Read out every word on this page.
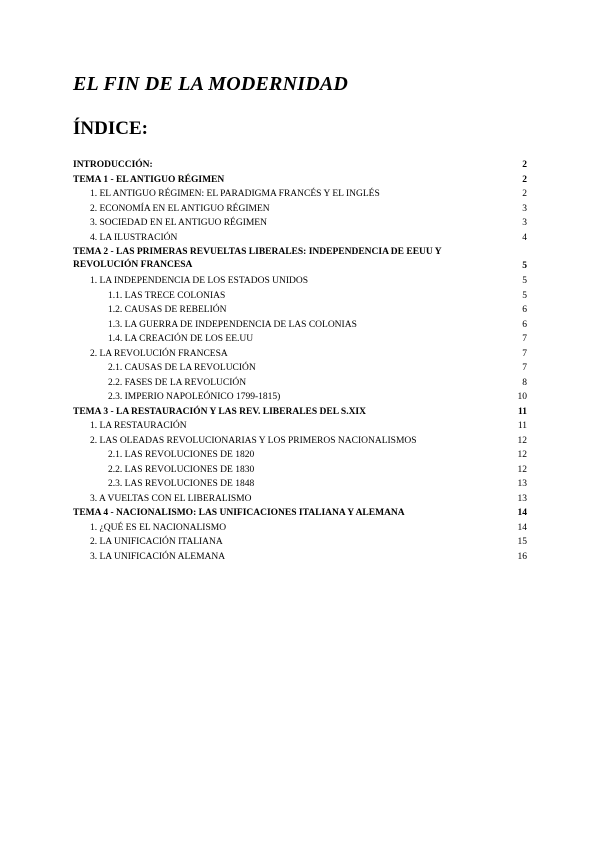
EL FIN DE LA MODERNIDAD
ÍNDICE:
INTRODUCCIÓN:	2
TEMA 1 - EL ANTIGUO RÉGIMEN	2
1. EL ANTIGUO RÉGIMEN: EL PARADIGMA FRANCÉS Y EL INGLÉS	2
2. ECONOMÍA EN EL ANTIGUO RÉGIMEN	3
3. SOCIEDAD EN EL ANTIGUO RÉGIMEN	3
4. LA ILUSTRACIÓN	4
TEMA 2 - LAS PRIMERAS REVUELTAS LIBERALES: INDEPENDENCIA DE EEUU Y REVOLUCIÓN FRANCESA	5
1. LA INDEPENDENCIA DE LOS ESTADOS UNIDOS	5
1.1. LAS TRECE COLONIAS	5
1.2. CAUSAS DE REBELIÓN	6
1.3. LA GUERRA DE INDEPENDENCIA DE LAS COLONIAS	6
1.4. LA CREACIÓN DE LOS EE.UU	7
2. LA REVOLUCIÓN FRANCESA	7
2.1. CAUSAS DE LA REVOLUCIÓN	7
2.2. FASES DE LA REVOLUCIÓN	8
2.3. IMPERIO NAPOLEÓNICO 1799-1815)	10
TEMA 3 - LA RESTAURACIÓN Y LAS REV. LIBERALES DEL S.XIX	11
1. LA RESTAURACIÓN	11
2. LAS OLEADAS REVOLUCIONARIAS Y LOS PRIMEROS NACIONALISMOS	12
2.1. LAS REVOLUCIONES DE 1820	12
2.2. LAS REVOLUCIONES DE 1830	12
2.3. LAS REVOLUCIONES DE 1848	13
3. A VUELTAS CON EL LIBERALISMO	13
TEMA 4 - NACIONALISMO: LAS UNIFICACIONES ITALIANA Y ALEMANA	14
1. ¿QUÉ ES EL NACIONALISMO	14
2. LA UNIFICACIÓN ITALIANA	15
3. LA UNIFICACIÓN ALEMANA	16
